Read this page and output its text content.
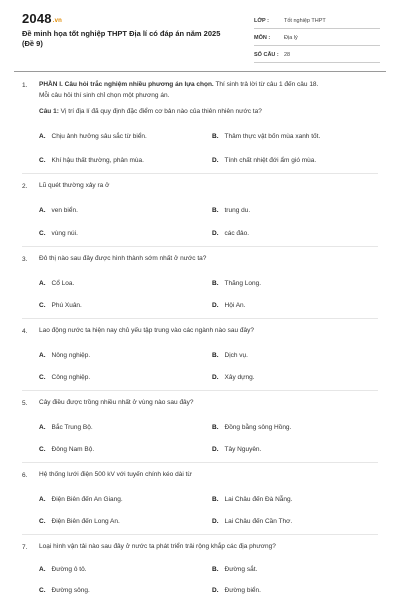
2048.vn
Đề minh họa tốt nghiệp THPT Địa lí có đáp án năm 2025
(Đề 9)
LỚP :	Tốt nghiệp THPT
MÔN :	Địa lý
SỐ CÂU : 28
1. PHẦN I. Câu hỏi trắc nghiệm nhiều phương án lựa chọn. Thí sinh trả lời từ câu 1 đến câu 18.
Mỗi câu hỏi thí sinh chỉ chọn một phương án.
Câu 1: Vị trí địa lí đã quy định đặc điểm cơ bản nào của thiên nhiên nước ta?
A. Chịu ảnh hưởng sâu sắc từ biển.	B. Thâm thực vật bốn mùa xanh tốt.
C. Khí hậu thất thường, phân mùa.	D. Tính chất nhiệt đới ẩm gió mùa.
2. Lũ quét thường xảy ra ở
A. ven biển.	B. trung du.
C. vùng núi.	D. các đảo.
3. Đô thị nào sau đây được hình thành sớm nhất ở nước ta?
A. Cổ Loa.	B. Thăng Long.
C. Phú Xuân.	D. Hội An.
4. Lao động nước ta hiện nay chủ yếu tập trung vào các ngành nào sau đây?
A. Nông nghiệp.	B. Dịch vụ.
C. Công nghiệp.	D. Xây dựng.
5. Cây điều được trồng nhiều nhất ở vùng nào sau đây?
A. Bắc Trung Bộ.	B. Đồng bằng sông Hồng.
C. Đông Nam Bộ.	D. Tây Nguyên.
6. Hệ thống lưới điện 500 kV với tuyến chính kéo dài từ
A. Điện Biên đến An Giang.	B. Lai Châu đến Đà Nẵng.
C. Điện Biên đến Long An.	D. Lai Châu đến Cần Thơ.
7. Loại hình vận tải nào sau đây ở nước ta phát triển trải rộng khắp các địa phương?
A. Đường ô tô.	B. Đường sắt.
C. Đường sông.	D. Đường biển.
